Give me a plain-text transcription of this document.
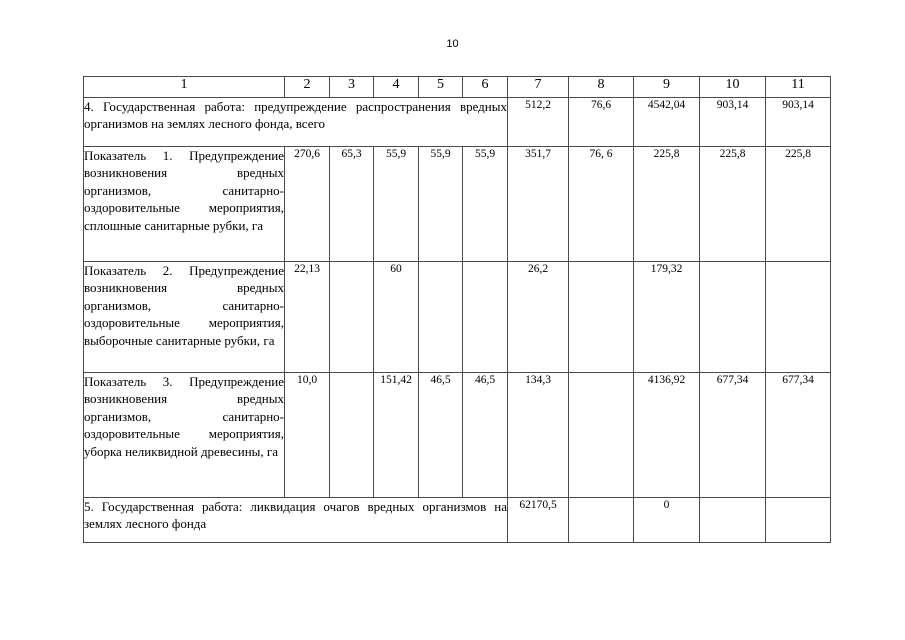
10
1	2	3	4	5	6	7	8	9	10	11
4. Государственная работа: предупреждение распространения вредных организмов на землях лесного фонда, всего						512,2	76,6	4542,04	903,14	903,14
Показатель 1. Предупреждение возникновения вредных организмов, санитарно-оздоровительные мероприятия, сплошные санитарные рубки, га	270,6	65,3	55,9	55,9	55,9	351,7	76, 6	225,8	225,8	225,8
Показатель 2. Предупреждение возникновения вредных организмов, санитарно-оздоровительные мероприятия, выборочные санитарные рубки, га	22,13		60			26,2		179,32		
Показатель 3. Предупреждение возникновения вредных организмов, санитарно-оздоровительные мероприятия, уборка неликвидной древесины, га	10,0		151,42	46,5	46,5	134,3		4136,92	677,34	677,34
5. Государственная работа: ликвидация очагов вредных организмов на землях лесного фонда						62170,5		0		
